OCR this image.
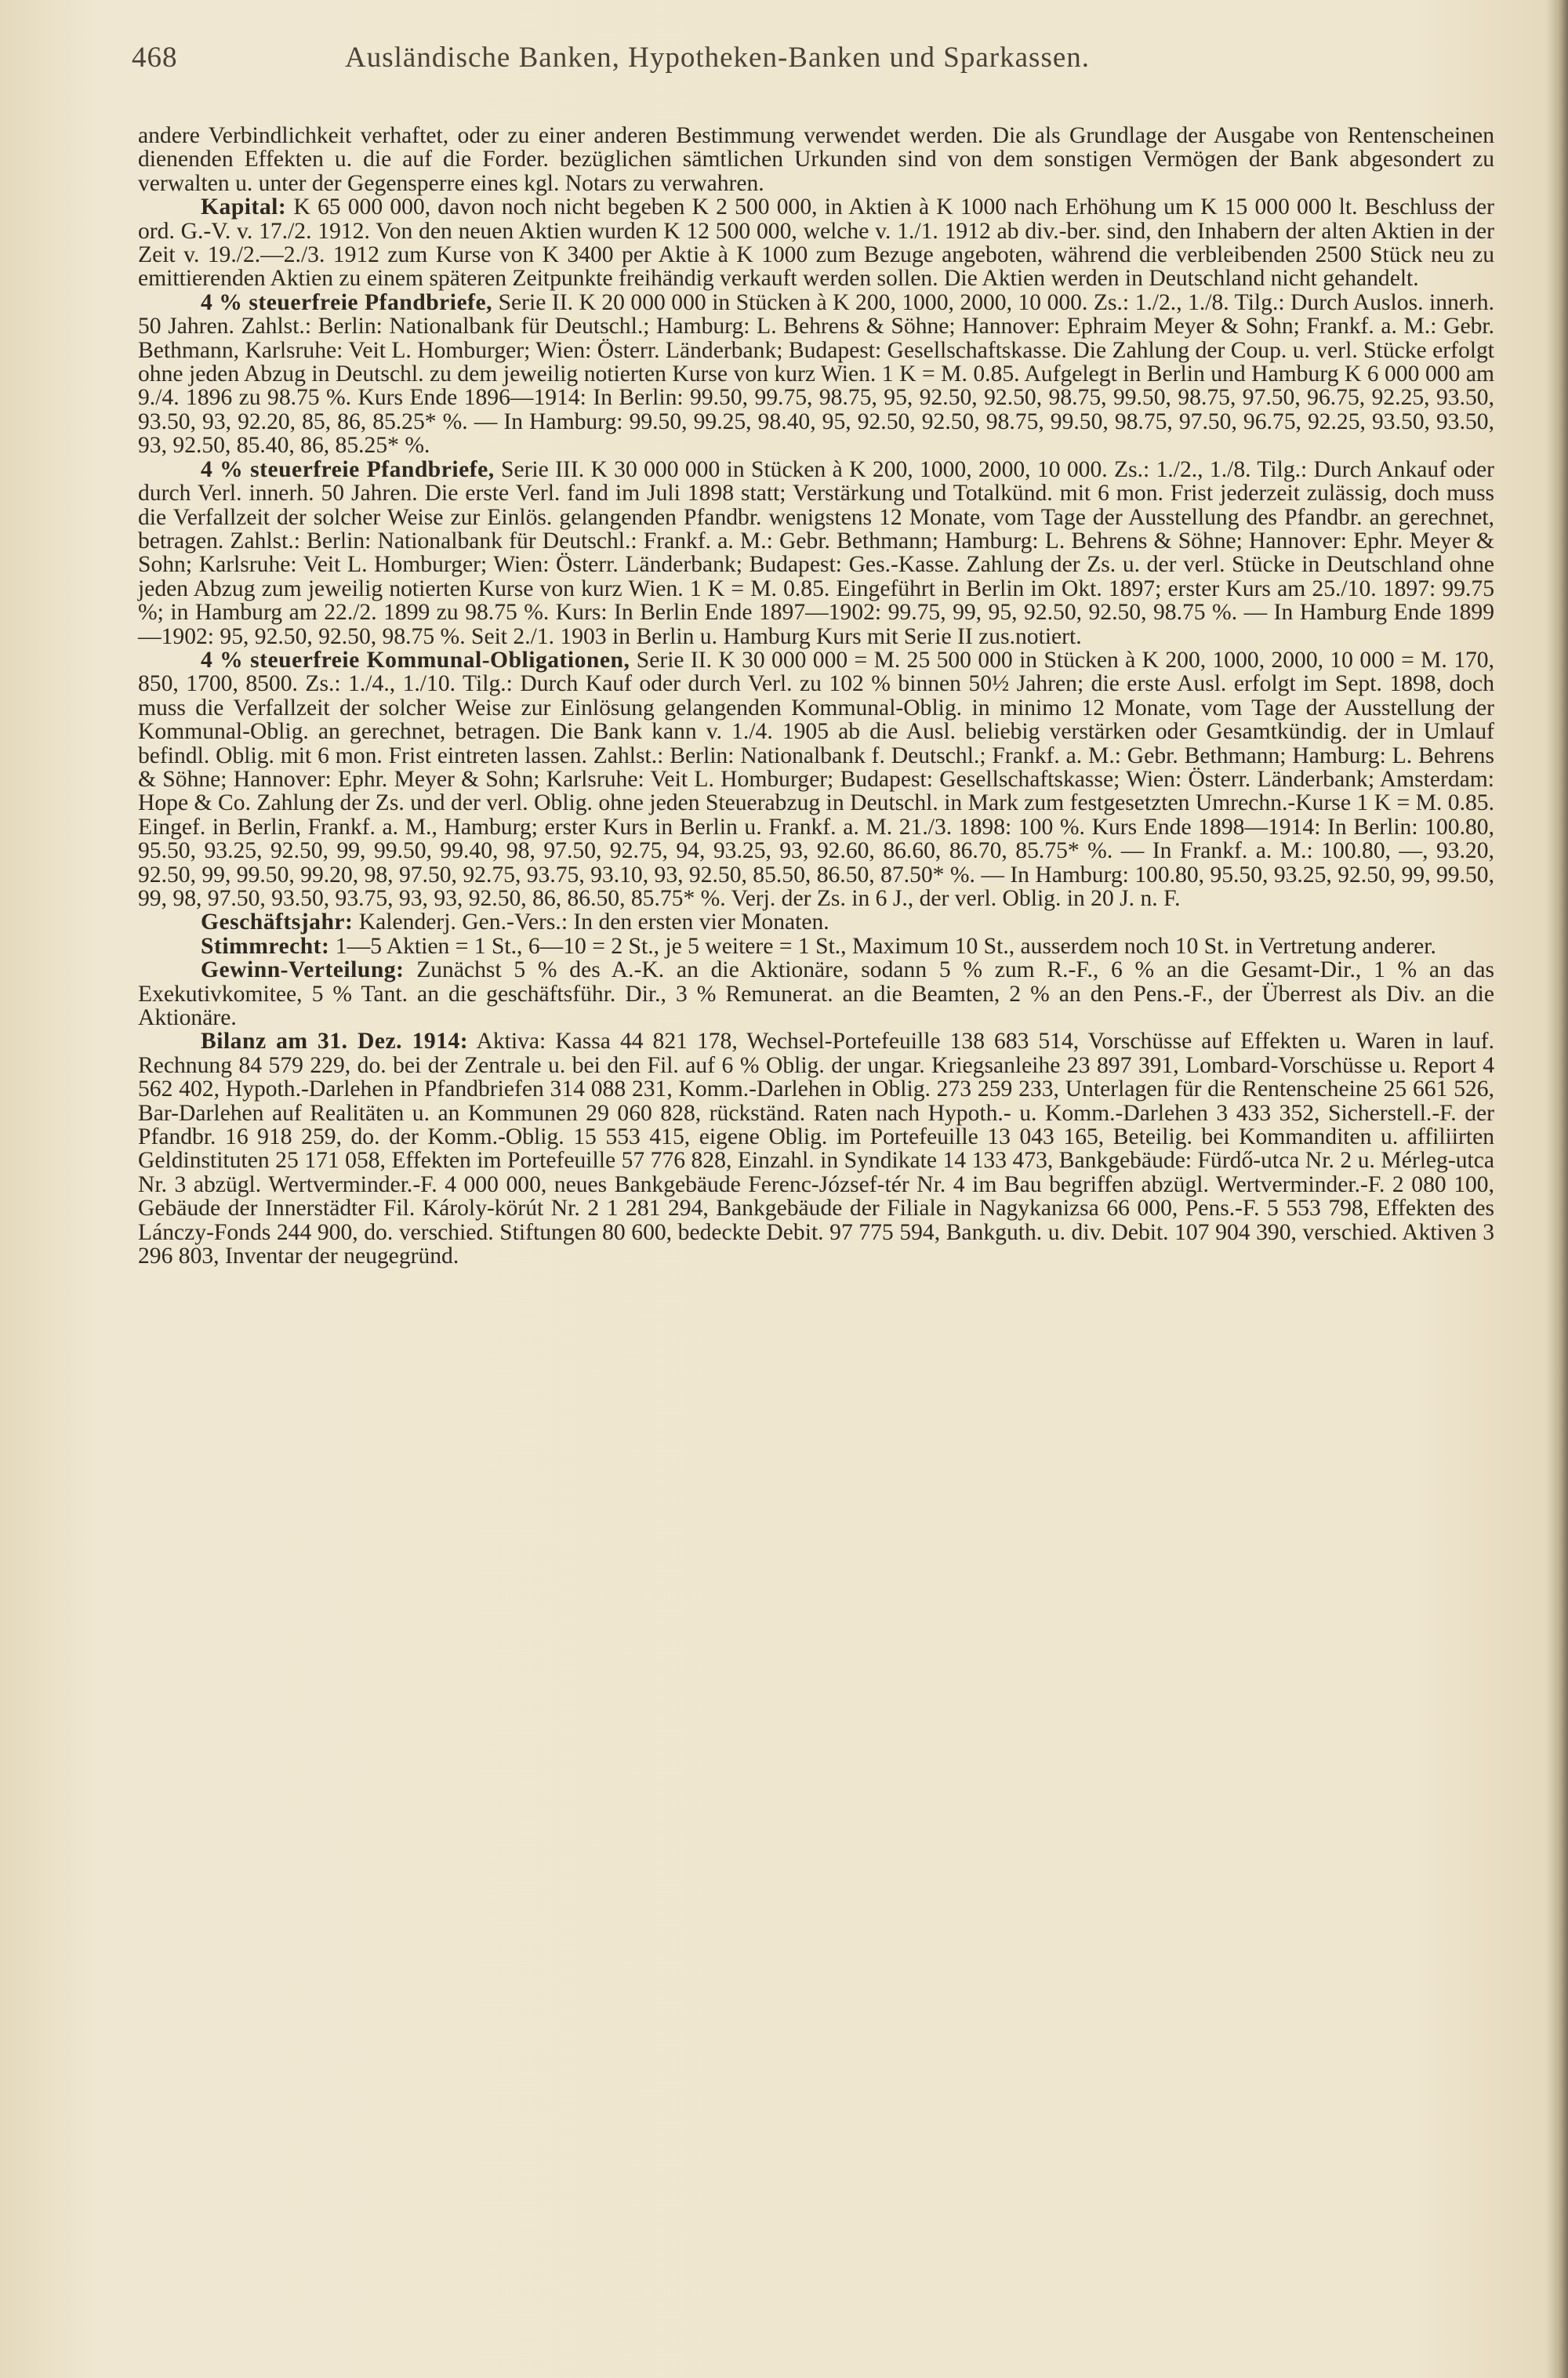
468	Ausländische Banken, Hypotheken-Banken und Sparkassen.

andere Verbindlichkeit verhaftet, oder zu einer anderen Bestimmung verwendet werden. Die als Grundlage der Ausgabe von Rentenscheinen dienenden Effekten u. die auf die Forder. bezüglichen sämtlichen Urkunden sind von dem sonstigen Vermögen der Bank abgesondert zu verwalten u. unter der Gegensperre eines kgl. Notars zu verwahren.

Kapital: K 65 000 000, davon noch nicht begeben K 2 500 000, in Aktien à K 1000 nach Erhöhung um K 15 000 000 lt. Beschluss der ord. G.-V. v. 17./2. 1912. Von den neuen Aktien wurden K 12 500 000, welche v. 1./1. 1912 ab div.-ber. sind, den Inhabern der alten Aktien in der Zeit v. 19./2.—2./3. 1912 zum Kurse von K 3400 per Aktie à K 1000 zum Bezuge angeboten, während die verbleibenden 2500 Stück neu zu emittierenden Aktien zu einem späteren Zeitpunkte freihändig verkauft werden sollen. Die Aktien werden in Deutschland nicht gehandelt.

4 % steuerfreie Pfandbriefe, Serie II. K 20 000 000 in Stücken à K 200, 1000, 2000, 10 000. Zs.: 1./2., 1./8. Tilg.: Durch Auslos. innerh. 50 Jahren. Zahlst.: Berlin: Nationalbank für Deutschl.; Hamburg: L. Behrens & Söhne; Hannover: Ephraim Meyer & Sohn; Frankf. a. M.: Gebr. Bethmann, Karlsruhe: Veit L. Homburger; Wien: Österr. Länderbank; Budapest: Gesellschaftskasse. Die Zahlung der Coup. u. verl. Stücke erfolgt ohne jeden Abzug in Deutschl. zu dem jeweilig notierten Kurse von kurz Wien. 1 K = M. 0.85. Aufgelegt in Berlin und Hamburg K 6 000 000 am 9./4. 1896 zu 98.75 %. Kurs Ende 1896—1914: In Berlin: 99.50, 99.75, 98.75, 95, 92.50, 92.50, 98.75, 99.50, 98.75, 97.50, 96.75, 92.25, 93.50, 93.50, 93, 92.20, 85, 86, 85.25* %. — In Hamburg: 99.50, 99.25, 98.40, 95, 92.50, 92.50, 98.75, 99.50, 98.75, 97.50, 96.75, 92.25, 93.50, 93.50, 93, 92.50, 85.40, 86, 85.25* %.

4 % steuerfreie Pfandbriefe, Serie III. K 30 000 000 in Stücken à K 200, 1000, 2000, 10 000. Zs.: 1./2., 1./8. Tilg.: Durch Ankauf oder durch Verl. innerh. 50 Jahren. Die erste Verl. fand im Juli 1898 statt; Verstärkung und Totalkünd. mit 6 mon. Frist jederzeit zulässig, doch muss die Verfallzeit der solcher Weise zur Einlös. gelangenden Pfandbr. wenigstens 12 Monate, vom Tage der Ausstellung des Pfandbr. an gerechnet, betragen. Zahlst.: Berlin: Nationalbank für Deutschl.: Frankf. a. M.: Gebr. Bethmann; Hamburg: L. Behrens & Söhne; Hannover: Ephr. Meyer & Sohn; Karlsruhe: Veit L. Homburger; Wien: Österr. Länderbank; Budapest: Ges.-Kasse. Zahlung der Zs. u. der verl. Stücke in Deutschland ohne jeden Abzug zum jeweilig notierten Kurse von kurz Wien. 1 K = M. 0.85. Eingeführt in Berlin im Okt. 1897; erster Kurs am 25./10. 1897: 99.75 %; in Hamburg am 22./2. 1899 zu 98.75 %. Kurs: In Berlin Ende 1897—1902: 99.75, 99, 95, 92.50, 92.50, 98.75 %. — In Hamburg Ende 1899—1902: 95, 92.50, 92.50, 98.75 %. Seit 2./1. 1903 in Berlin u. Hamburg Kurs mit Serie II zus.notiert.

4 % steuerfreie Kommunal-Obligationen, Serie II. K 30 000 000 = M. 25 500 000 in Stücken à K 200, 1000, 2000, 10 000 = M. 170, 850, 1700, 8500. Zs.: 1./4., 1./10. Tilg.: Durch Kauf oder durch Verl. zu 102 % binnen 50½ Jahren; die erste Ausl. erfolgt im Sept. 1898, doch muss die Verfallzeit der solcher Weise zur Einlösung gelangenden Kommunal-Oblig. in minimo 12 Monate, vom Tage der Ausstellung der Kommunal-Oblig. an gerechnet, betragen. Die Bank kann v. 1./4. 1905 ab die Ausl. beliebig verstärken oder Gesamtkündig. der in Umlauf befindl. Oblig. mit 6 mon. Frist eintreten lassen. Zahlst.: Berlin: Nationalbank f. Deutschl.; Frankf. a. M.: Gebr. Bethmann; Hamburg: L. Behrens & Söhne; Hannover: Ephr. Meyer & Sohn; Karlsruhe: Veit L. Homburger; Budapest: Gesellschaftskasse; Wien: Österr. Länderbank; Amsterdam: Hope & Co. Zahlung der Zs. und der verl. Oblig. ohne jeden Steuerabzug in Deutschl. in Mark zum festgesetzten Umrechn.-Kurse 1 K = M. 0.85. Eingef. in Berlin, Frankf. a. M., Hamburg; erster Kurs in Berlin u. Frankf. a. M. 21./3. 1898: 100 %. Kurs Ende 1898—1914: In Berlin: 100.80, 95.50, 93.25, 92.50, 99, 99.50, 99.40, 98, 97.50, 92.75, 94, 93.25, 93, 92.60, 86.60, 86.70, 85.75* %. — In Frankf. a. M.: 100.80, —, 93.20, 92.50, 99, 99.50, 99.20, 98, 97.50, 92.75, 93.75, 93.10, 93, 92.50, 85.50, 86.50, 87.50* %. — In Hamburg: 100.80, 95.50, 93.25, 92.50, 99, 99.50, 99, 98, 97.50, 93.50, 93.75, 93, 93, 92.50, 86, 86.50, 85.75* %. Verj. der Zs. in 6 J., der verl. Oblig. in 20 J. n. F.

Geschäftsjahr: Kalenderj. Gen.-Vers.: In den ersten vier Monaten.

Stimmrecht: 1—5 Aktien = 1 St., 6—10 = 2 St., je 5 weitere = 1 St., Maximum 10 St., ausserdem noch 10 St. in Vertretung anderer.

Gewinn-Verteilung: Zunächst 5 % des A.-K. an die Aktionäre, sodann 5 % zum R.-F., 6 % an die Gesamt-Dir., 1 % an das Exekutivkomitee, 5 % Tant. an die geschäftsführ. Dir., 3 % Remunerat. an die Beamten, 2 % an den Pens.-F., der Überrest als Div. an die Aktionäre.

Bilanz am 31. Dez. 1914: Aktiva: Kassa 44 821 178, Wechsel-Portefeuille 138 683 514, Vorschüsse auf Effekten u. Waren in lauf. Rechnung 84 579 229, do. bei der Zentrale u. bei den Fil. auf 6 % Oblig. der ungar. Kriegsanleihe 23 897 391, Lombard-Vorschüsse u. Report 4 562 402, Hypoth.-Darlehen in Pfandbriefen 314 088 231, Komm.-Darlehen in Oblig. 273 259 233, Unterlagen für die Rentenscheine 25 661 526, Bar-Darlehen auf Realitäten u. an Kommunen 29 060 828, rückständ. Raten nach Hypoth.- u. Komm.-Darlehen 3 433 352, Sicherstell.-F. der Pfandbr. 16 918 259, do. der Komm.-Oblig. 15 553 415, eigene Oblig. im Portefeuille 13 043 165, Beteilig. bei Kommanditen u. affiliirten Geldinstituten 25 171 058, Effekten im Portefeuille 57 776 828, Einzahl. in Syndikate 14 133 473, Bankgebäude: Fürdő-utca Nr. 2 u. Mérleg-utca Nr. 3 abzügl. Wertverminder.-F. 4 000 000, neues Bankgebäude Ferenc-József-tér Nr. 4 im Bau begriffen abzügl. Wertverminder.-F. 2 080 100, Gebäude der Innerstädter Fil. Károly-körút Nr. 2 1 281 294, Bankgebäude der Filiale in Nagykanizsa 66 000, Pens.-F. 5 553 798, Effekten des Lánczy-Fonds 244 900, do. verschied. Stiftungen 80 600, bedeckte Debit. 97 775 594, Bankguth. u. div. Debit. 107 904 390, verschied. Aktiven 3 296 803, Inventar der neugegründ.
